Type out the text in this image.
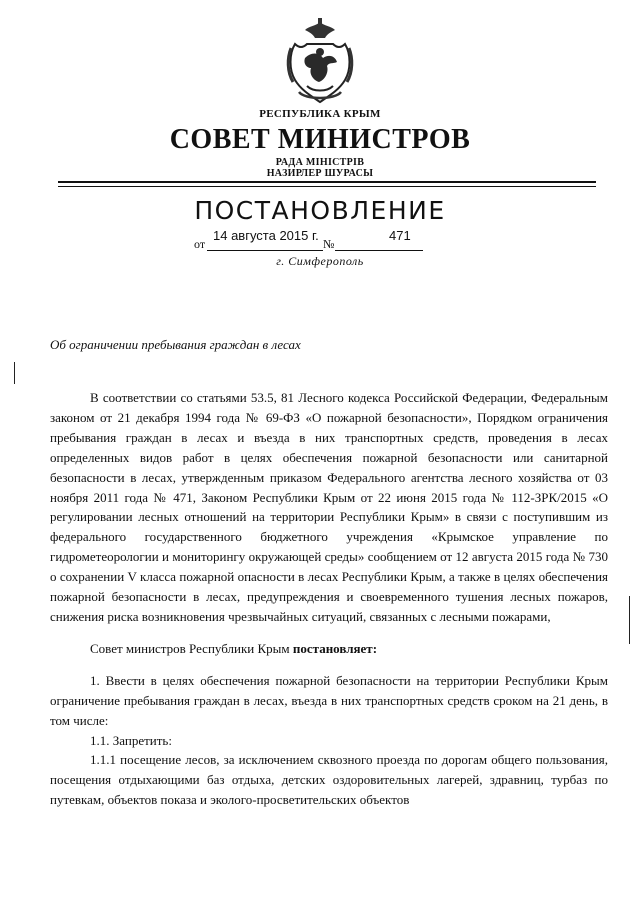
РЕСПУБЛИКА КРЫМ
СОВЕТ МИНИСТРОВ
РАДА МІНІСТРІВ
НАЗИРЛЕР ШУРАСЫ
ПОСТАНОВЛЕНИЕ
от
14 августа 2015 г.
№
471
г. Симферополь
Об ограничении пребывания граждан в лесах

В соответствии со статьями 53.5, 81 Лесного кодекса Российской Федерации, Федеральным законом от 21 декабря 1994 года № 69-ФЗ «О пожарной безопасности», Порядком ограничения пребывания граждан в лесах и въезда в них транспортных средств, проведения в лесах определенных видов работ в целях обеспечения пожарной безопасности или санитарной безопасности в лесах, утвержденным приказом Федерального агентства лесного хозяйства от 03 ноября 2011 года № 471, Законом Республики Крым от 22 июня 2015 года № 112-ЗРК/2015 «О регулировании лесных отношений на территории Республики Крым» в связи с поступившим из федерального государственного бюджетного учреждения «Крымское управление по гидрометеорологии и мониторингу окружающей среды» сообщением от 12 августа 2015 года № 730 о сохранении V класса пожарной опасности в лесах Республики Крым, а также в целях обеспечения пожарной безопасности в лесах, предупреждения и своевременного тушения лесных пожаров, снижения риска возникновения чрезвычайных ситуаций, связанных с лесными пожарами,

Совет министров Республики Крым постановляет:

1. Ввести в целях обеспечения пожарной безопасности на территории Республики Крым ограничение пребывания граждан в лесах, въезда в них транспортных средств сроком на 21 день, в том числе:

1.1. Запретить:

1.1.1 посещение лесов, за исключением сквозного проезда по дорогам общего пользования, посещения отдыхающими баз отдыха, детских оздоровительных лагерей, здравниц, турбаз по путевкам, объектов показа и эколого-просветительских объектов
